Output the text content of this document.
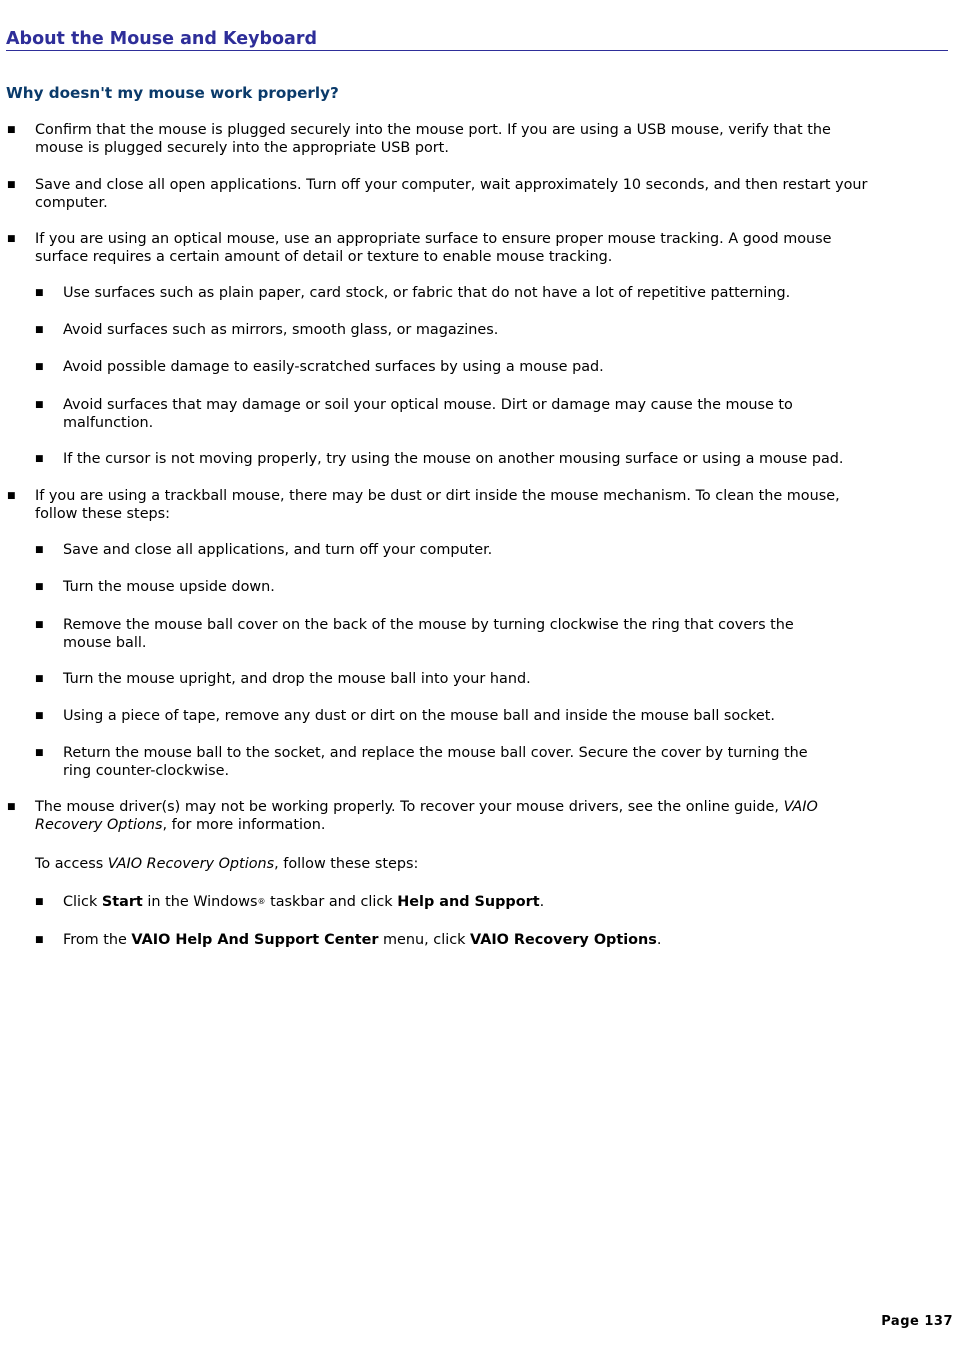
About the Mouse and Keyboard
Why doesn't my mouse work properly?
■ Confirm that the mouse is plugged securely into the mouse port. If you are using a USB mouse, verify that the
mouse is plugged securely into the appropriate USB port.
■ Save and close all open applications. Turn off your computer, wait approximately 10 seconds, and then restart your
computer.
■ If you are using an optical mouse, use an appropriate surface to ensure proper mouse tracking. A good mouse
surface requires a certain amount of detail or texture to enable mouse tracking.
■ Use surfaces such as plain paper, card stock, or fabric that do not have a lot of repetitive patterning.
■ Avoid surfaces such as mirrors, smooth glass, or magazines.
■ Avoid possible damage to easily-scratched surfaces by using a mouse pad.
■ Avoid surfaces that may damage or soil your optical mouse. Dirt or damage may cause the mouse to
malfunction.
■ If the cursor is not moving properly, try using the mouse on another mousing surface or using a mouse pad.
■ If you are using a trackball mouse, there may be dust or dirt inside the mouse mechanism. To clean the mouse,
follow these steps:
■ Save and close all applications, and turn off your computer.
■ Turn the mouse upside down.
■ Remove the mouse ball cover on the back of the mouse by turning clockwise the ring that covers the
mouse ball.
■ Turn the mouse upright, and drop the mouse ball into your hand.
■ Using a piece of tape, remove any dust or dirt on the mouse ball and inside the mouse ball socket.
■ Return the mouse ball to the socket, and replace the mouse ball cover. Secure the cover by turning the
ring counter-clockwise.
■ The mouse driver(s) may not be working properly. To recover your mouse drivers, see the online guide, VAIO
Recovery Options, for more information.

To access VAIO Recovery Options, follow these steps:

■ Click Start in the Windows® taskbar and click Help and Support.
■ From the VAIO Help And Support Center menu, click VAIO Recovery Options.
Page 137
